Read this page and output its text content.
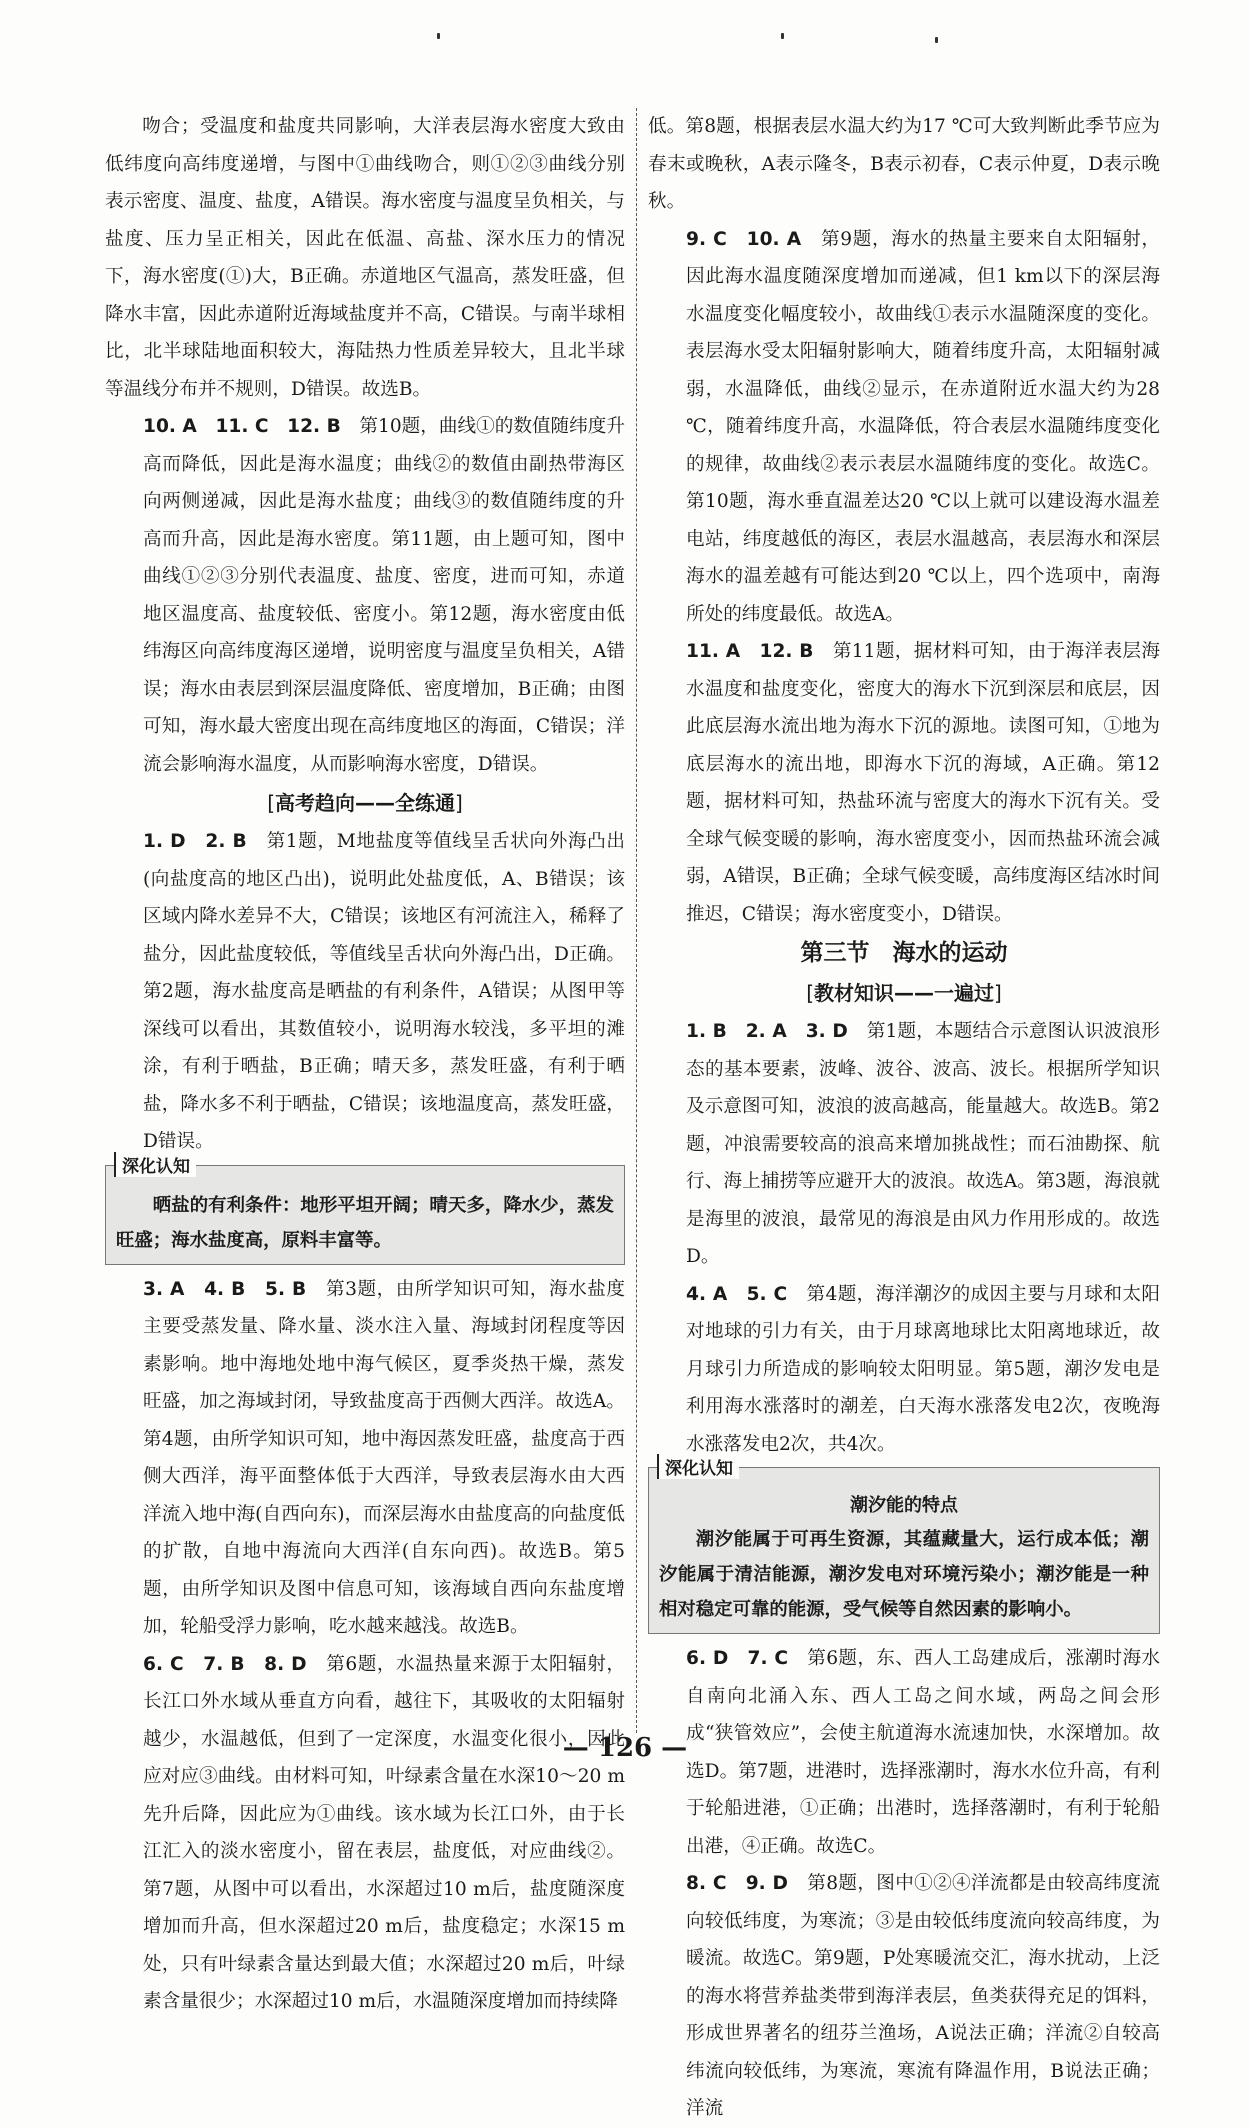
吻合；受温度和盐度共同影响，大洋表层海水密度大致由低纬度向高纬度递增，与图中①曲线吻合，则①②③曲线分别表示密度、温度、盐度，A错误。海水密度与温度呈负相关，与盐度、压力呈正相关，因此在低温、高盐、深水压力的情况下，海水密度(①)大，B正确。赤道地区气温高，蒸发旺盛，但降水丰富，因此赤道附近海域盐度并不高，C错误。与南半球相比，北半球陆地面积较大，海陆热力性质差异较大，且北半球等温线分布并不规则，D错误。故选B。

10. A　11. C　12. B　 第10题，曲线①的数值随纬度升高而降低，因此是海水温度；曲线②的数值由副热带海区向两侧递减，因此是海水盐度；曲线③的数值随纬度的升高而升高，因此是海水密度。第11题，由上题可知，图中曲线①②③分别代表温度、盐度、密度，进而可知，赤道地区温度高、盐度较低、密度小。第12题，海水密度由低纬海区向高纬度海区递增，说明密度与温度呈负相关，A错误；海水由表层到深层温度降低、密度增加，B正确；由图可知，海水最大密度出现在高纬度地区的海面，C错误；洋流会影响海水温度，从而影响海水密度，D错误。

[高考趋向——全练通]

1. D　2. B　 第1题，M地盐度等值线呈舌状向外海凸出(向盐度高的地区凸出)，说明此处盐度低，A、B错误；该区域内降水差异不大，C错误；该地区有河流注入，稀释了盐分，因此盐度较低，等值线呈舌状向外海凸出，D正确。第2题，海水盐度高是晒盐的有利条件，A错误；从图甲等深线可以看出，其数值较小，说明海水较浅，多平坦的滩涂，有利于晒盐，B正确；晴天多，蒸发旺盛，有利于晒盐，降水多不利于晒盐，C错误；该地温度高，蒸发旺盛，D错误。

深化认知
晒盐的有利条件：地形平坦开阔；晴天多，降水少，蒸发旺盛；海水盐度高，原料丰富等。

3. A　4. B　5. B　 第3题，由所学知识可知，海水盐度主要受蒸发量、降水量、淡水注入量、海域封闭程度等因素影响。地中海地处地中海气候区，夏季炎热干燥，蒸发旺盛，加之海域封闭，导致盐度高于西侧大西洋。故选A。第4题，由所学知识可知，地中海因蒸发旺盛，盐度高于西侧大西洋，海平面整体低于大西洋，导致表层海水由大西洋流入地中海(自西向东)，而深层海水由盐度高的向盐度低的扩散，自地中海流向大西洋(自东向西)。故选B。第5题，由所学知识及图中信息可知，该海域自西向东盐度增加，轮船受浮力影响，吃水越来越浅。故选B。

6. C　7. B　8. D　 第6题，水温热量来源于太阳辐射，长江口外水域从垂直方向看，越往下，其吸收的太阳辐射越少，水温越低，但到了一定深度，水温变化很小，因此应对应③曲线。由材料可知，叶绿素含量在水深10～20 m先升后降，因此应为①曲线。该水域为长江口外，由于长江汇入的淡水密度小，留在表层，盐度低，对应曲线②。第7题，从图中可以看出，水深超过10 m后，盐度随深度增加而升高，但水深超过20 m后，盐度稳定；水深15 m处，只有叶绿素含量达到最大值；水深超过20 m后，叶绿素含量很少；水深超过10 m后，水温随深度增加而持续降

低。第8题，根据表层水温大约为17 ℃可大致判断此季节应为春末或晚秋，A表示隆冬，B表示初春，C表示仲夏，D表示晚秋。

9. C　10. A　 第9题，海水的热量主要来自太阳辐射，因此海水温度随深度增加而递减，但1 km以下的深层海水温度变化幅度较小，故曲线①表示水温随深度的变化。表层海水受太阳辐射影响大，随着纬度升高，太阳辐射减弱，水温降低，曲线②显示，在赤道附近水温大约为28 ℃，随着纬度升高，水温降低，符合表层水温随纬度变化的规律，故曲线②表示表层水温随纬度的变化。故选C。第10题，海水垂直温差达20 ℃以上就可以建设海水温差电站，纬度越低的海区，表层水温越高，表层海水和深层海水的温差越有可能达到20 ℃以上，四个选项中，南海所处的纬度最低。故选A。

11. A　12. B　 第11题，据材料可知，由于海洋表层海水温度和盐度变化，密度大的海水下沉到深层和底层，因此底层海水流出地为海水下沉的源地。读图可知，①地为底层海水的流出地，即海水下沉的海域，A正确。第12题，据材料可知，热盐环流与密度大的海水下沉有关。受全球气候变暖的影响，海水密度变小，因而热盐环流会减弱，A错误，B正确；全球气候变暖，高纬度海区结冰时间推迟，C错误；海水密度变小，D错误。

第三节　海水的运动
[教材知识——一遍过]

1. B　2. A　3. D　 第1题，本题结合示意图认识波浪形态的基本要素，波峰、波谷、波高、波长。根据所学知识及示意图可知，波浪的波高越高，能量越大。故选B。第2题，冲浪需要较高的浪高来增加挑战性；而石油勘探、航行、海上捕捞等应避开大的波浪。故选A。第3题，海浪就是海里的波浪，最常见的海浪是由风力作用形成的。故选D。

4. A　5. C　 第4题，海洋潮汐的成因主要与月球和太阳对地球的引力有关，由于月球离地球比太阳离地球近，故月球引力所造成的影响较太阳明显。第5题，潮汐发电是利用海水涨落时的潮差，白天海水涨落发电2次，夜晚海水涨落发电2次，共4次。

深化认知
潮汐能的特点
潮汐能属于可再生资源，其蕴藏量大，运行成本低；潮汐能属于清洁能源，潮汐发电对环境污染小；潮汐能是一种相对稳定可靠的能源，受气候等自然因素的影响小。

6. D　7. C　 第6题，东、西人工岛建成后，涨潮时海水自南向北涌入东、西人工岛之间水域，两岛之间会形成“狭管效应”，会使主航道海水流速加快，水深增加。故选D。第7题，进港时，选择涨潮时，海水水位升高，有利于轮船进港，①正确；出港时，选择落潮时，有利于轮船出港，④正确。故选C。

8. C　9. D　 第8题，图中①②④洋流都是由较高纬度流向较低纬度，为寒流；③是由较低纬度流向较高纬度，为暖流。故选C。第9题，P处寒暖流交汇，海水扰动，上泛的海水将营养盐类带到海洋表层，鱼类获得充足的饵料，形成世界著名的纽芬兰渔场，A说法正确；洋流②自较高纬流向较低纬，为寒流，寒流有降温作用，B说法正确；洋流

— 126 —
